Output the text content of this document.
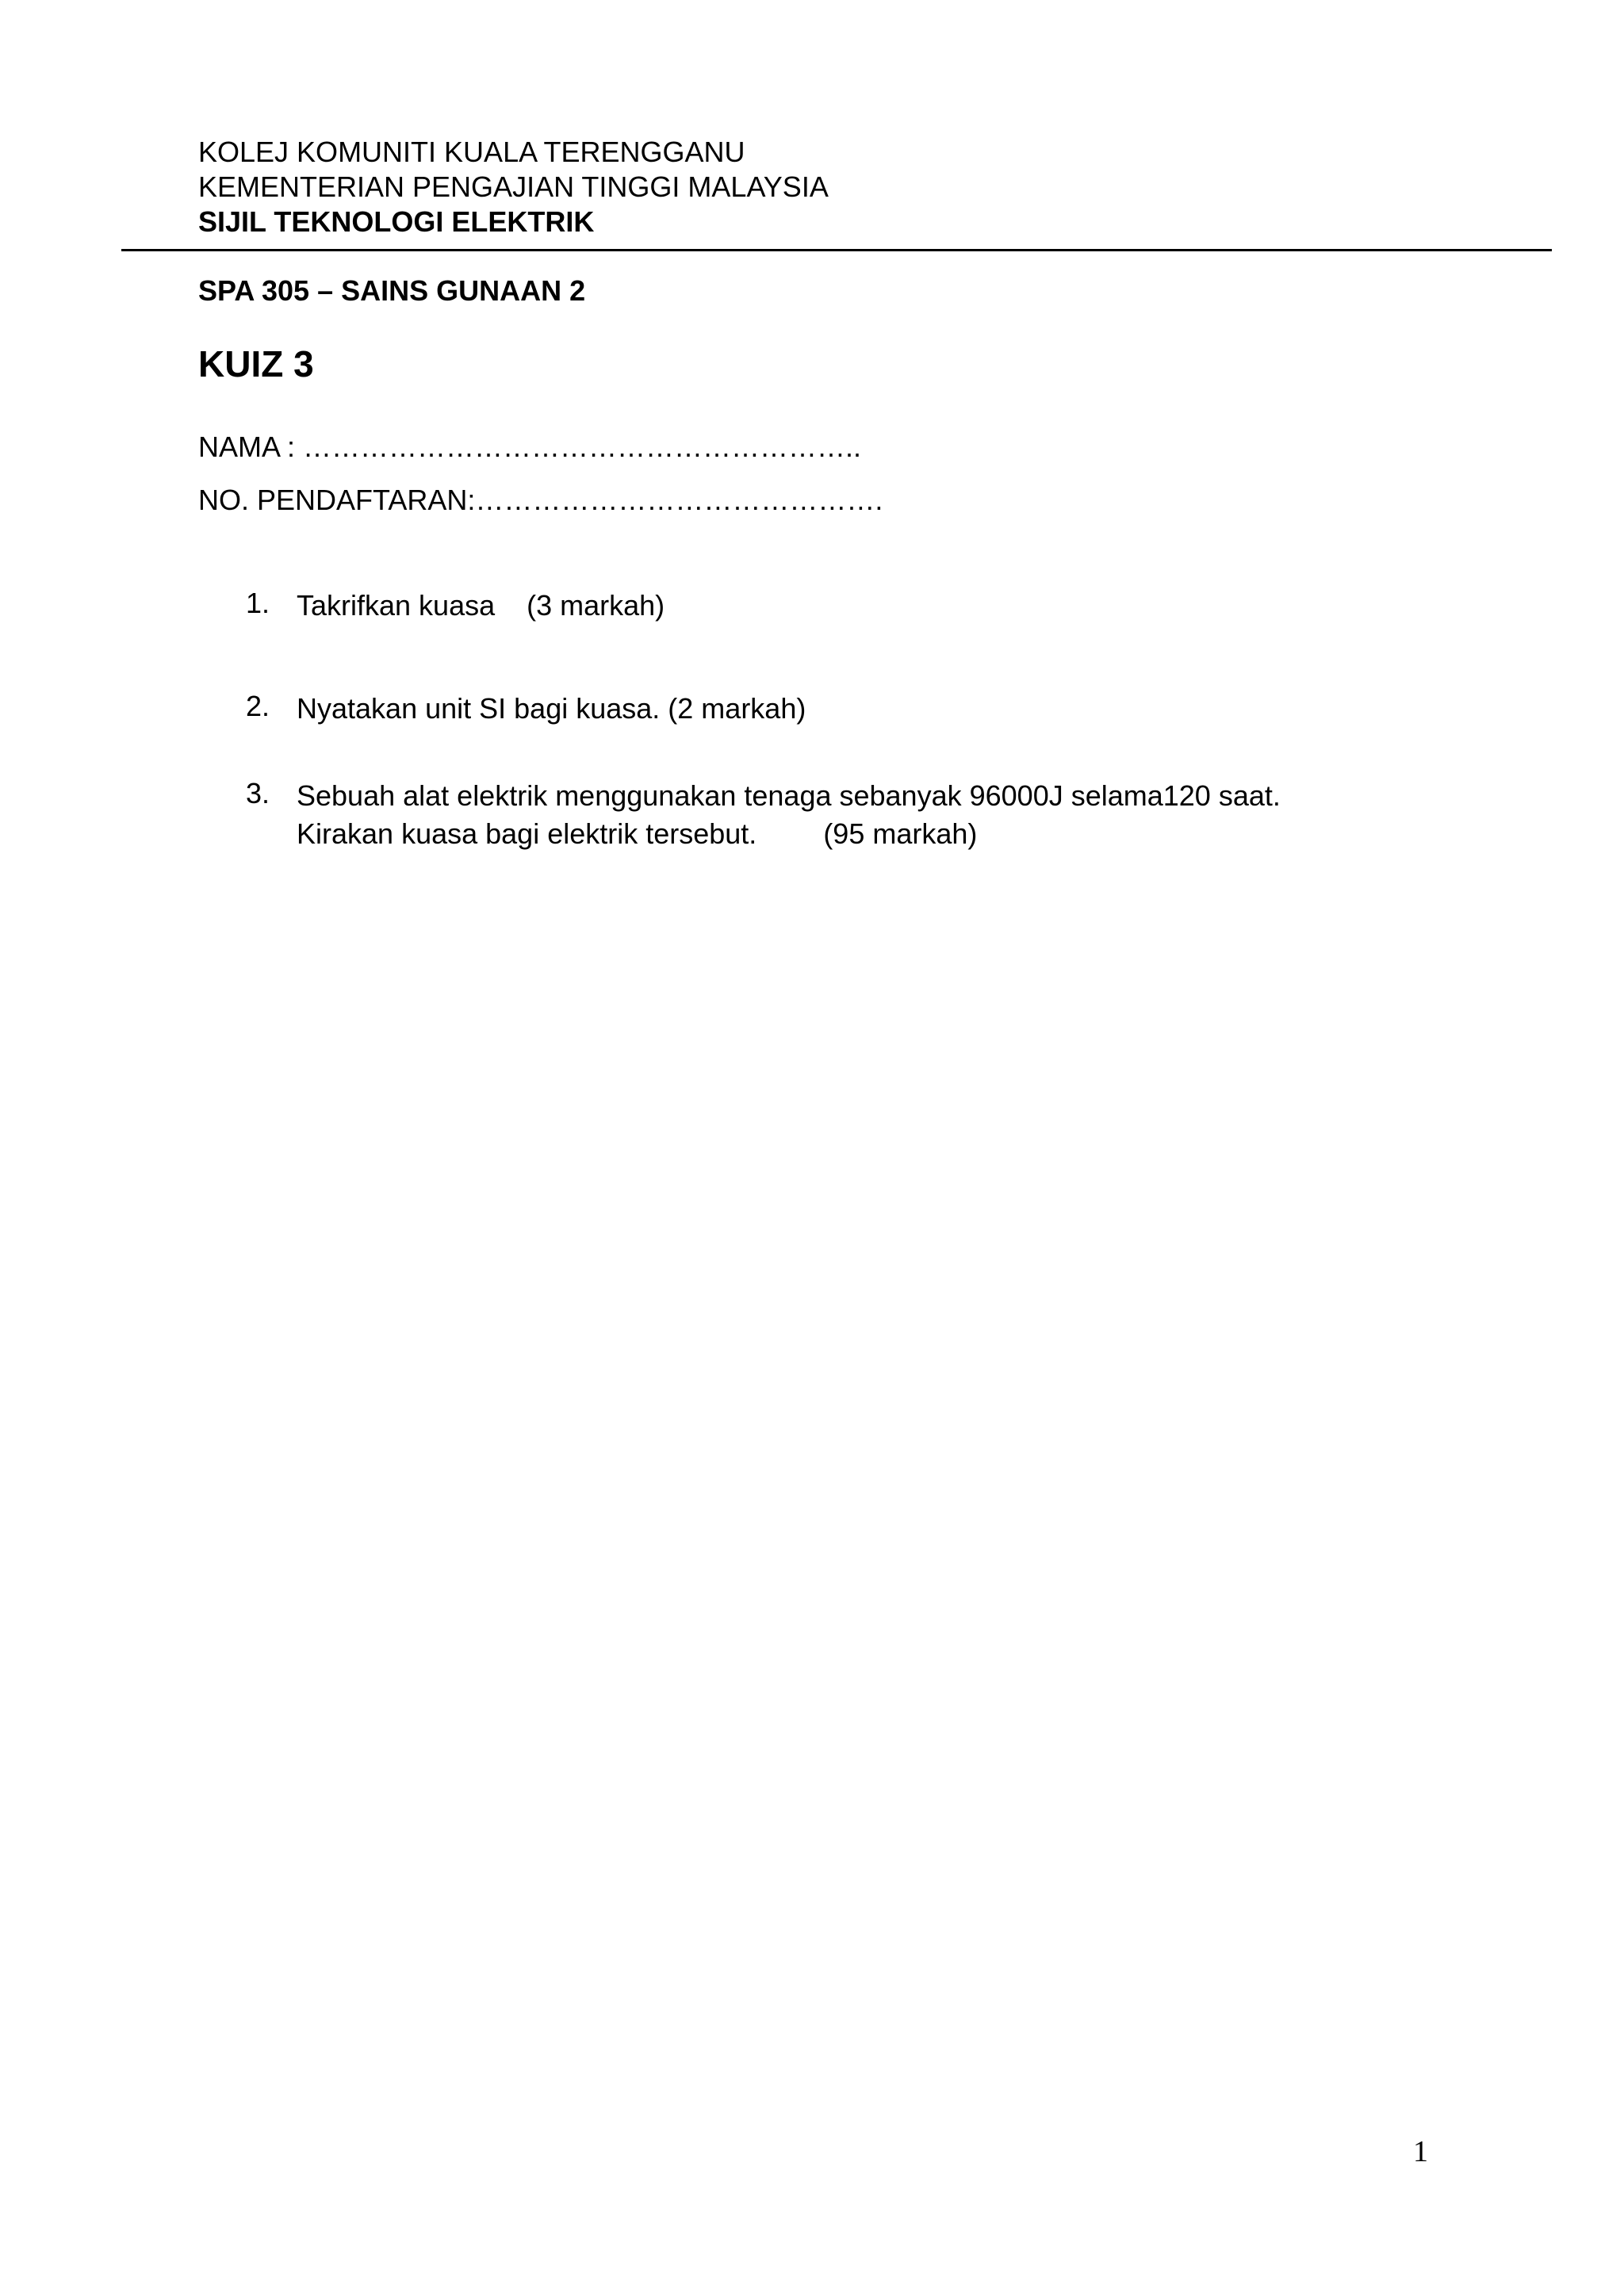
KOLEJ KOMUNITI KUALA TERENGGANU
KEMENTERIAN PENGAJIAN TINGGI MALAYSIA
SIJIL TEKNOLOGI ELEKTRIK
SPA 305 – SAINS GUNAAN 2
KUIZ 3
NAMA : …………………………………………………..
NO. PENDAFTARAN:…………………………………….
1. Takrifkan kuasa (3 markah)
2. Nyatakan unit SI bagi kuasa. (2 markah)
3. Sebuah alat elektrik menggunakan tenaga sebanyak 96000J selama120 saat.
Kirakan kuasa bagi elektrik tersebut. (95 markah)
1
